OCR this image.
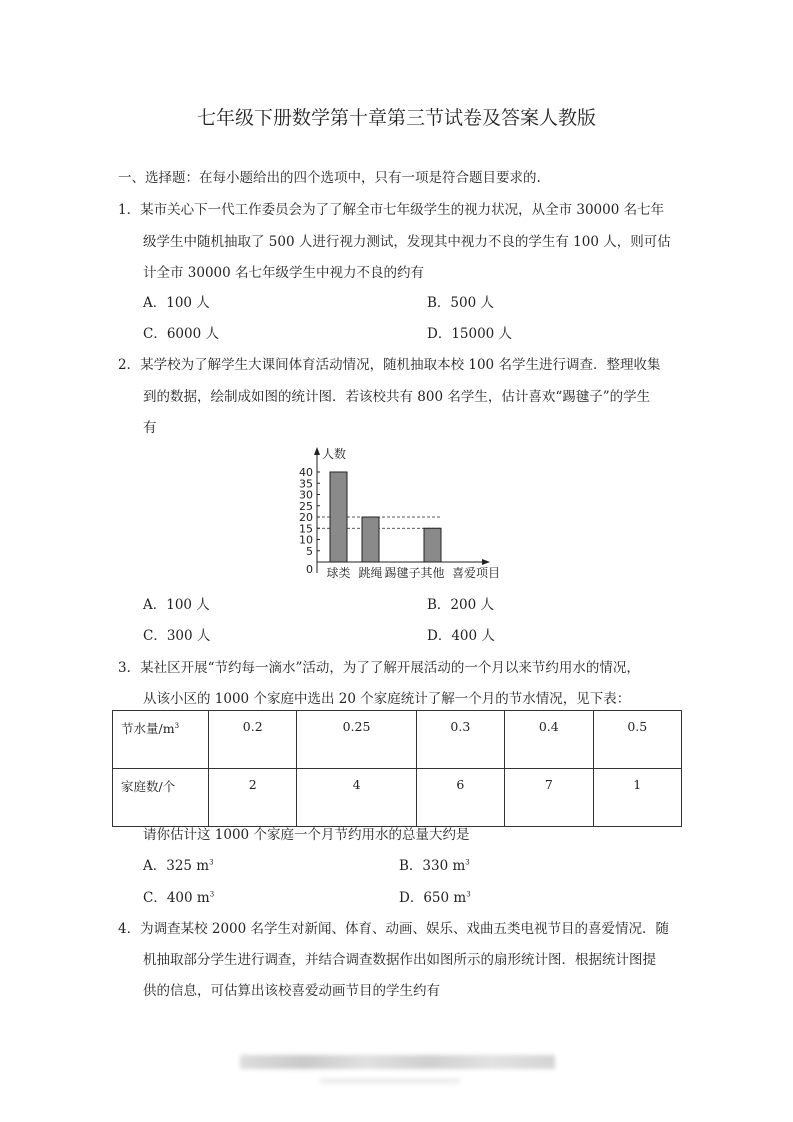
七年级下册数学第十章第三节试卷及答案人教版
一、选择题：在每小题给出的四个选项中，只有一项是符合题目要求的.
1．某市关心下一代工作委员会为了了解全市七年级学生的视力状况，从全市 30000 名七年
级学生中随机抽取了 500 人进行视力测试，发现其中视力不良的学生有 100 人，则可估
计全市 30000 名七年级学生中视力不良的约有
A．100 人	B．500 人
C．6000 人	D．15000 人
2．某学校为了解学生大课间体育活动情况，随机抽取本校 100 名学生进行调查．整理收集
到的数据，绘制成如图的统计图．若该校共有 800 名学生，估计喜欢“踢毽子”的学生
有
0
5
10
15
20
25
30
35
40
球类 跳绳 踢毽子 其他
人数
喜爱项目
A．100 人	B．200 人
C．300 人	D．400 人
3．某社区开展“节约每一滴水”活动，为了了解开展活动的一个月以来节约用水的情况，
从该小区的 1000 个家庭中选出 20 个家庭统计了解一个月的节水情况，见下表：
节水量$/m^3$	0.2	0.25	0.3	0.4	0.5
家庭数/个	2	4	6	7	1
请你估计这 1000 个家庭一个月节约用水的总量大约是
A．325 $m^3$	B．330 $m^3$
C．400 $m^3$	D．650 $m^3$
4．为调查某校 2000 名学生对新闻、体育、动画、娱乐、戏曲五类电视节目的喜爱情况．随
机抽取部分学生进行调查，并结合调查数据作出如图所示的扇形统计图．根据统计图提
供的信息，可估算出该校喜爱动画节目的学生约有
